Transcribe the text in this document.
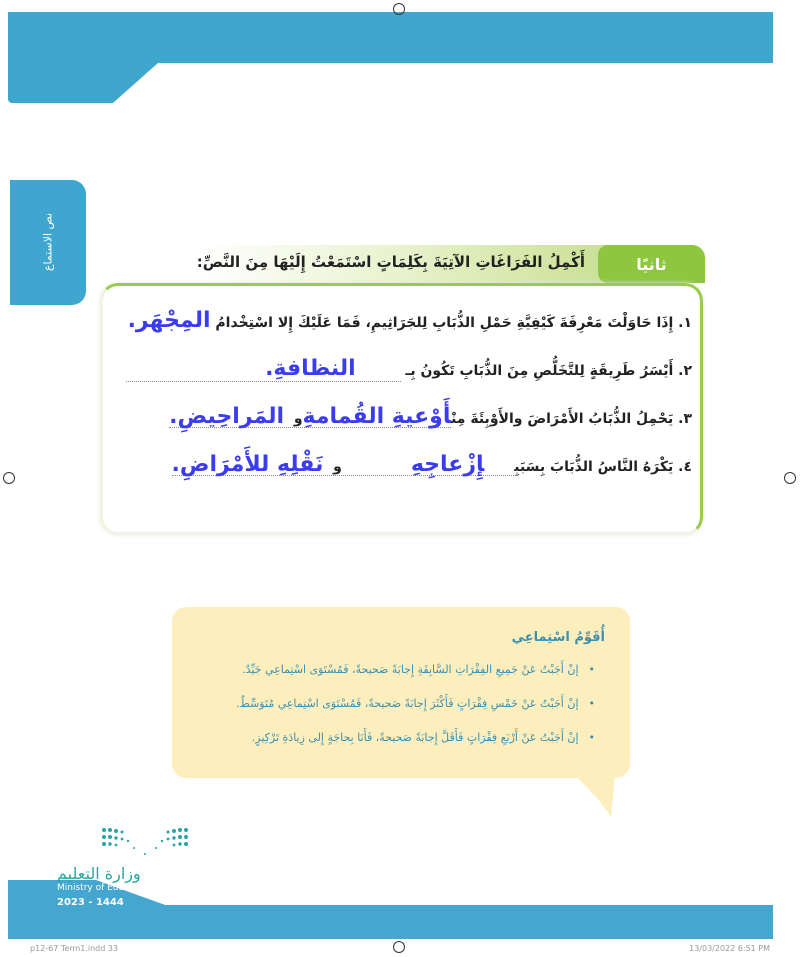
نص الاستماع	ثانيًا
أَكْمِلُ الفَرَاغَاتِ الآتِيَةَ بِكَلِمَاتٍ اسْتَمَعْتُ إِلَيْهَا مِنَ النَّصِّ:
١. إِذَا حَاوَلْتَ مَعْرِفَةَ كَيْفِيَّةِ حَمْلِ الذُّبَابِ لِلجَرَاثِيمِ، فَمَا عَلَيْكَ إِلا اسْتِخْدامُ المِجْهَر.
٢. أَيْسَرُ طَرِيقَةٍ لِلتَّخَلُّصِ مِنَ الذُّبَابِ تَكُونُ بِـ النظافةِ.
٣. يَحْمِلُ الذُّبَابُ الأَمْرَاضَ والأَوْبِئَةَ مِنْأَوْعيةِ القُمامةِو  المَراحِيضِ.
٤. يَكْرَهُ النَّاسُ الذُّبَابَ بِسَبَبِإِزْعاجِهِ        و  نَقْلِهِ للأَمْرَاضِ.
أُقَوِّمُ اسْتِماعِي
• إنْ أَجَبْتُ عَنْ جَمِيعِ الفِقْرَاتِ السَّابِقَةِ إِجابَةً صَحيحةً، فَمُسْتَوَى اسْتِماعِي جَيِّدٌ.
• إنْ أَجَبْتُ عَنْ خَمْسِ فِقْرَاتٍ فَأَكْثَرَ إِجابَةً صَحيحةً، فَمُسْتَوَى اسْتِماعِي مُتَوَسِّطٌ.
• إنْ أَجَبْتُ عَنْ أَرْبَعِ فِقْرَاتٍ فَأَقَلَّ إِجابَةً صَحيحةً، فَأَنَا بِحاجَةٍ إِلى زِيادَةِ تَرْكِيزٍ.
وزارة التعليم
Ministry of Education
2023 - 1444
p12-67 Term1.indd 33	13/03/2022 6:51 PM
